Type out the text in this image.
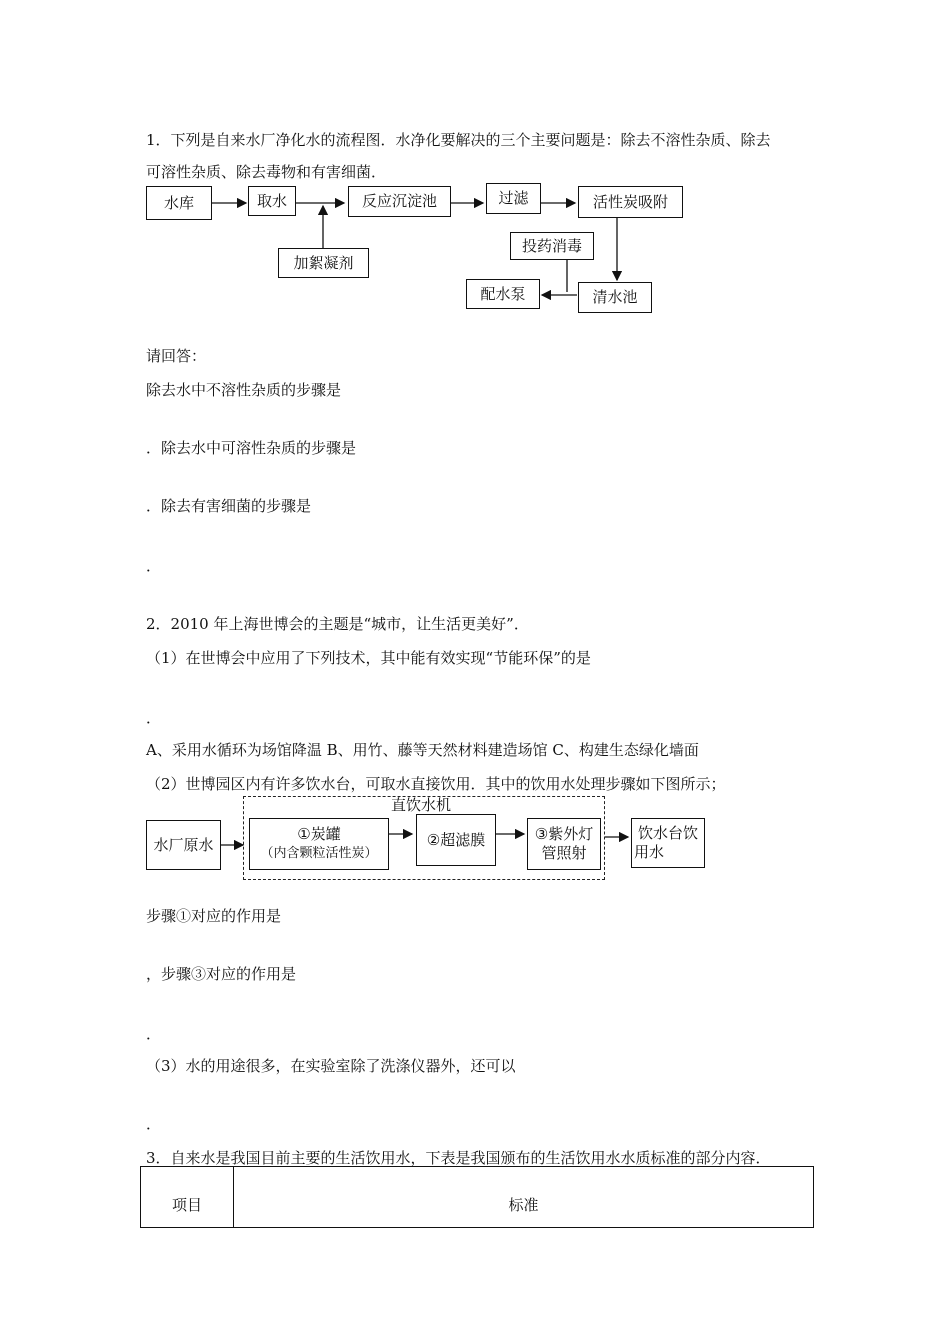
1．下列是自来水厂净化水的流程图．水净化要解决的三个主要问题是：除去不溶性杂质、除去
可溶性杂质、除去毒物和有害细菌．
水库	取水
加絮凝剂
反应沉淀池	过滤	活性炭吸附
投药消毒
清水池
配水泵
请回答：
除去水中不溶性杂质的步骤是
．除去水中可溶性杂质的步骤是
．除去有害细菌的步骤是
．
2．2010 年上海世博会的主题是“城市，让生活更美好”．
（1）在世博会中应用了下列技术，其中能有效实现“节能环保”的是
．
A、采用水循环为场馆降温 B、用竹、藤等天然材料建造场馆 C、构建生态绿化墙面
（2）世博园区内有许多饮水台，可取水直接饮用．其中的饮用水处理步骤如下图所示；
直饮水机
水厂原水
①炭罐
（内含颗粒活性炭）
②超滤膜	③紫外灯
管照射
饮水台饮
用水
步骤①对应的作用是
，步骤③对应的作用是
．
（3）水的用途很多，在实验室除了洗涤仪器外，还可以
．
3．自来水是我国目前主要的生活饮用水，下表是我国颁布的生活饮用水水质标准的部分内容．
项目	标准
